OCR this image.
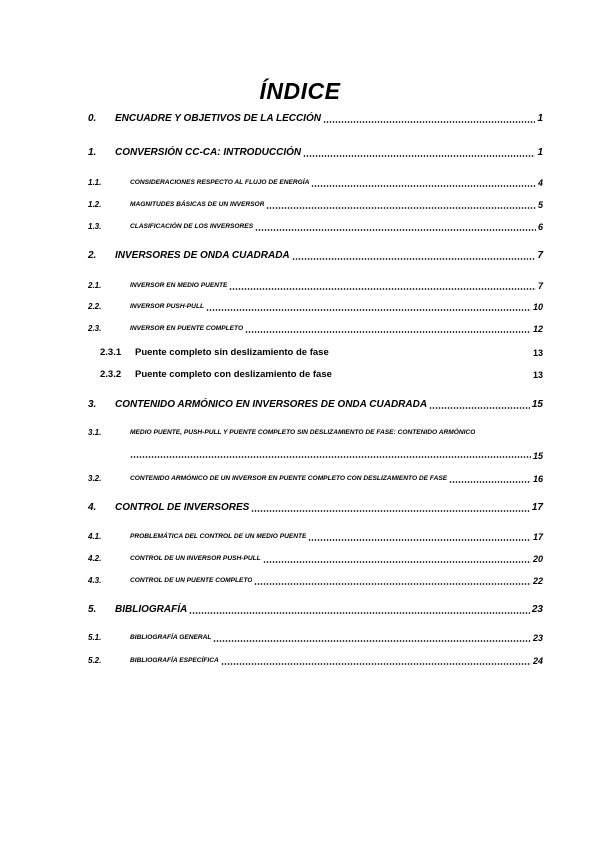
ÍNDICE
0.	ENCUADRE Y OBJETIVOS DE LA LECCIÓN	1
1.	CONVERSIÓN CC-CA: INTRODUCCIÓN	1
1.1.	CONSIDERACIONES RESPECTO AL FLUJO DE ENERGÍA	4
1.2.	MAGNITUDES BÁSICAS DE UN INVERSOR	5
1.3.	CLASIFICACIÓN DE LOS INVERSORES	6
2.	INVERSORES DE ONDA CUADRADA	7
2.1.	INVERSOR EN MEDIO PUENTE	7
2.2.	INVERSOR PUSH-PULL	10
2.3.	INVERSOR EN PUENTE COMPLETO	12
2.3.1	Puente completo sin deslizamiento de fase	13
2.3.2	Puente completo con deslizamiento de fase	13
3.	CONTENIDO ARMÓNICO EN INVERSORES DE ONDA CUADRADA	15
3.1.	MEDIO PUENTE, PUSH-PULL Y PUENTE COMPLETO SIN DESLIZAMIENTO DE FASE: CONTENIDO ARMÓNICO
15
3.2.	CONTENIDO ARMÓNICO DE UN INVERSOR EN PUENTE COMPLETO CON DESLIZAMIENTO DE FASE	16
4.	CONTROL DE INVERSORES	17
4.1.	PROBLEMÁTICA DEL CONTROL DE UN MEDIO PUENTE	17
4.2.	CONTROL DE UN INVERSOR PUSH-PULL	20
4.3.	CONTROL DE UN PUENTE COMPLETO	22
5.	BIBLIOGRAFÍA	23
5.1.	BIBLIOGRAFÍA GENERAL	23
5.2.	BIBLIOGRAFÍA ESPECÍFICA	24
